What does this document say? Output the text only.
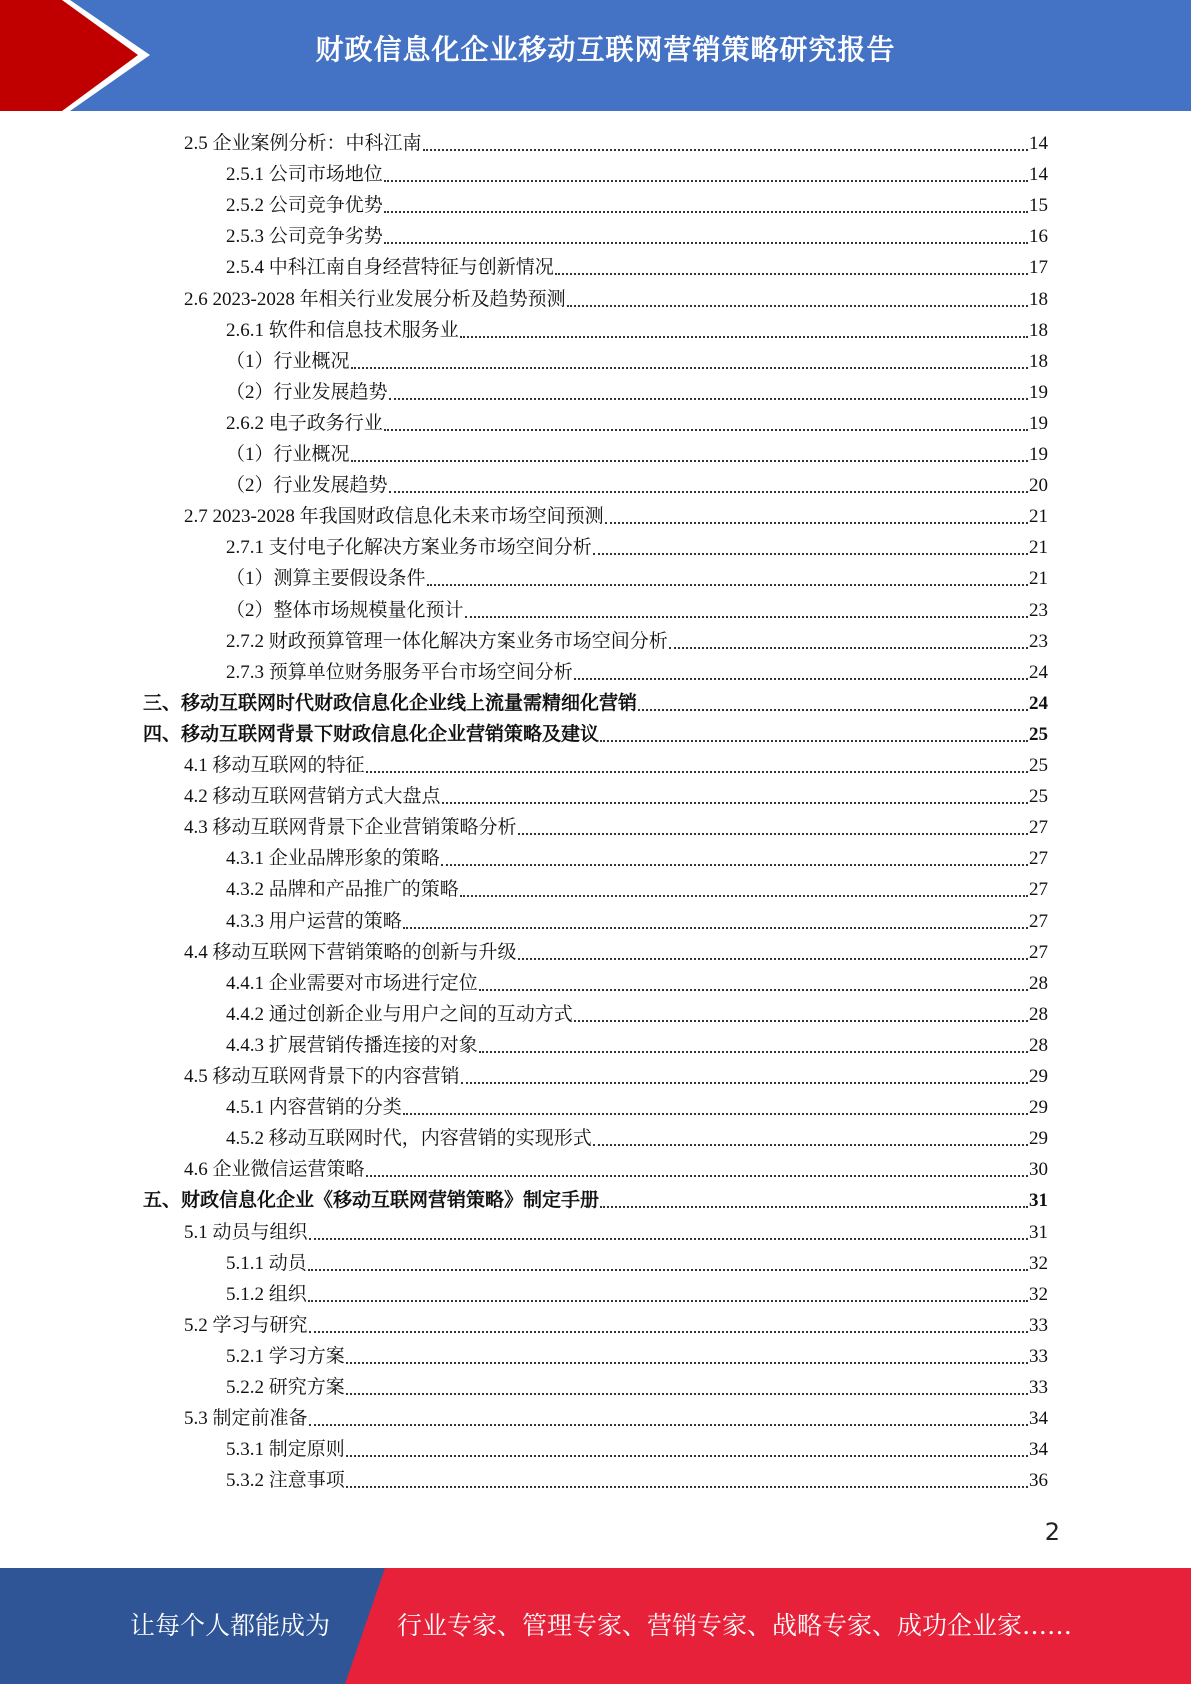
财政信息化企业移动互联网营销策略研究报告
2.5 企业案例分析：中科江南	14
2.5.1 公司市场地位	14
2.5.2 公司竞争优势	15
2.5.3 公司竞争劣势	16
2.5.4 中科江南自身经营特征与创新情况	17
2.6 2023-2028 年相关行业发展分析及趋势预测	18
2.6.1 软件和信息技术服务业	18
（1）行业概况	18
（2）行业发展趋势	19
2.6.2 电子政务行业	19
（1）行业概况	19
（2）行业发展趋势	20
2.7 2023-2028 年我国财政信息化未来市场空间预测	21
2.7.1 支付电子化解决方案业务市场空间分析	21
（1）测算主要假设条件	21
（2）整体市场规模量化预计	23
2.7.2 财政预算管理一体化解决方案业务市场空间分析	23
2.7.3 预算单位财务服务平台市场空间分析	24
三、移动互联网时代财政信息化企业线上流量需精细化营销	24
四、移动互联网背景下财政信息化企业营销策略及建议	25
4.1 移动互联网的特征	25
4.2 移动互联网营销方式大盘点	25
4.3 移动互联网背景下企业营销策略分析	27
4.3.1 企业品牌形象的策略	27
4.3.2 品牌和产品推广的策略	27
4.3.3 用户运营的策略	27
4.4 移动互联网下营销策略的创新与升级	27
4.4.1 企业需要对市场进行定位	28
4.4.2 通过创新企业与用户之间的互动方式	28
4.4.3 扩展营销传播连接的对象	28
4.5 移动互联网背景下的内容营销	29
4.5.1 内容营销的分类	29
4.5.2 移动互联网时代，内容营销的实现形式	29
4.6 企业微信运营策略	30
五、财政信息化企业《移动互联网营销策略》制定手册	31
5.1 动员与组织	31
5.1.1 动员	32
5.1.2 组织	32
5.2 学习与研究	33
5.2.1 学习方案	33
5.2.2 研究方案	33
5.3 制定前准备	34
5.3.1 制定原则	34
5.3.2 注意事项	36
2
让每个人都能成为	行业专家、管理专家、营销专家、战略专家、成功企业家……
